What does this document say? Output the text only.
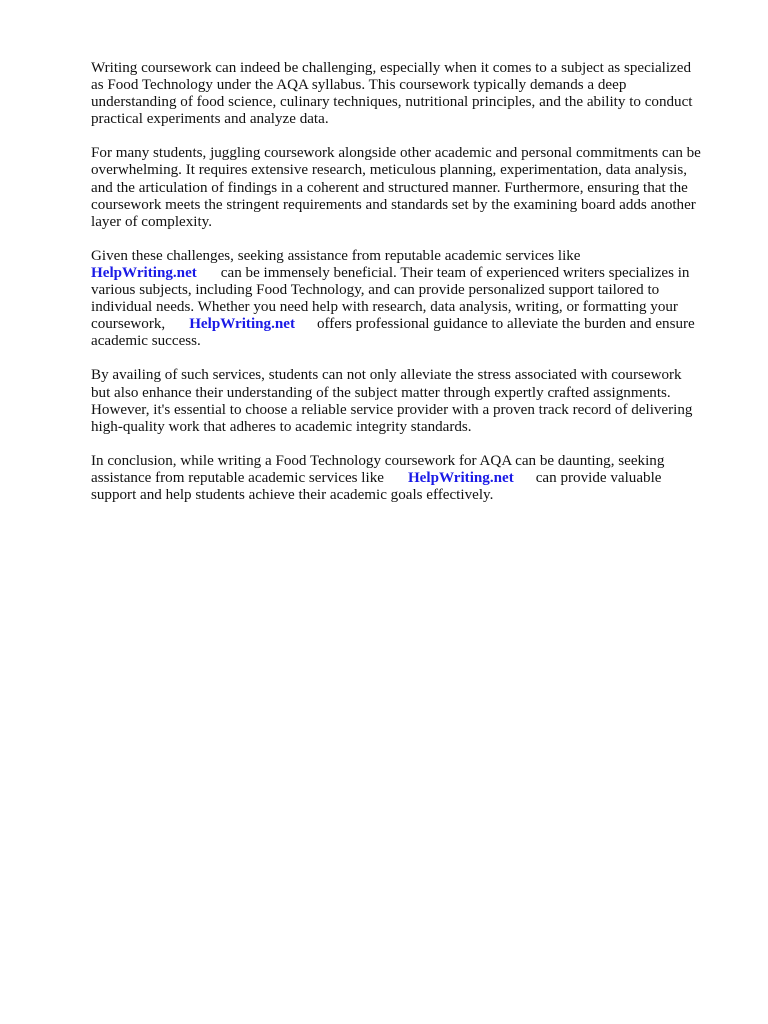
Writing coursework can indeed be challenging, especially when it comes to a subject as specialized
as Food Technology under the AQA syllabus. This coursework typically demands a deep
understanding of food science, culinary techniques, nutritional principles, and the ability to conduct
practical experiments and analyze data.
For many students, juggling coursework alongside other academic and personal commitments can be
overwhelming. It requires extensive research, meticulous planning, experimentation, data analysis,
and the articulation of findings in a coherent and structured manner. Furthermore, ensuring that the
coursework meets the stringent requirements and standards set by the examining board adds another
layer of complexity.
Given these challenges, seeking assistance from reputable academic services like
HelpWriting.net can be immensely beneficial. Their team of experienced writers specializes in
various subjects, including Food Technology, and can provide personalized support tailored to
individual needs. Whether you need help with research, data analysis, writing, or formatting your
coursework, HelpWriting.net offers professional guidance to alleviate the burden and ensure
academic success.
By availing of such services, students can not only alleviate the stress associated with coursework
but also enhance their understanding of the subject matter through expertly crafted assignments.
However, it's essential to choose a reliable service provider with a proven track record of delivering
high-quality work that adheres to academic integrity standards.
In conclusion, while writing a Food Technology coursework for AQA can be daunting, seeking
assistance from reputable academic services like HelpWriting.net can provide valuable
support and help students achieve their academic goals effectively.
